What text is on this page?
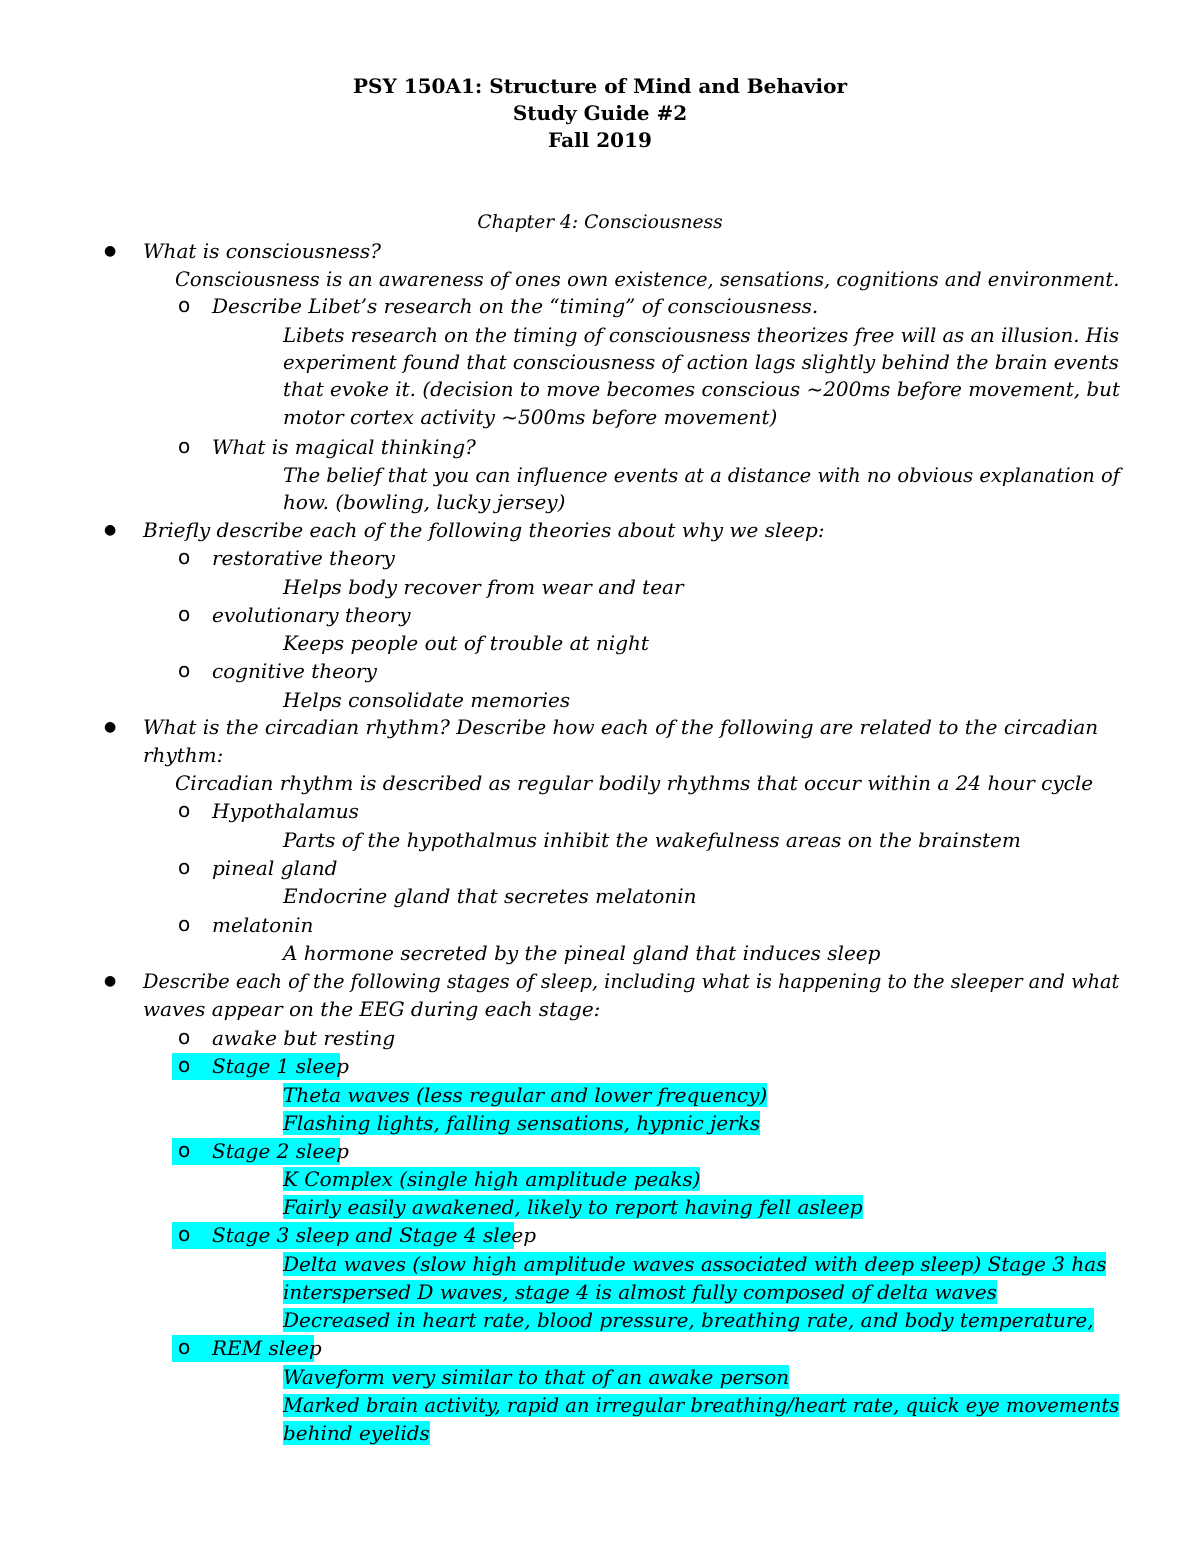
PSY 150A1: Structure of Mind and Behavior
Study Guide #2
Fall 2019
Chapter 4: Consciousness
● What is consciousness?
Consciousness is an awareness of ones own existence, sensations, cognitions and environment.
o Describe Libet’s research on the “timing” of consciousness.
Libets research on the timing of consciousness theorizes free will as an illusion. His
experiment found that consciousness of action lags slightly behind the brain events
that evoke it. (decision to move becomes conscious ~200ms before movement, but
motor cortex activity ~500ms before movement)
o What is magical thinking?
The belief that you can influence events at a distance with no obvious explanation of
how. (bowling, lucky jersey)
● Briefly describe each of the following theories about why we sleep:
o restorative theory
Helps body recover from wear and tear
o evolutionary theory
Keeps people out of trouble at night
o cognitive theory
Helps consolidate memories
● What is the circadian rhythm? Describe how each of the following are related to the circadian
rhythm:
Circadian rhythm is described as regular bodily rhythms that occur within a 24 hour cycle
o Hypothalamus
Parts of the hypothalmus inhibit the wakefulness areas on the brainstem
o pineal gland
Endocrine gland that secretes melatonin
o melatonin
A hormone secreted by the pineal gland that induces sleep
● Describe each of the following stages of sleep, including what is happening to the sleeper and what
waves appear on the EEG during each stage:
o awake but resting
o Stage 1 sleep
Theta waves (less regular and lower frequency)
Flashing lights, falling sensations, hypnic jerks
o Stage 2 sleep
K Complex (single high amplitude peaks)
Fairly easily awakened, likely to report having fell asleep
o Stage 3 sleep and Stage 4 sleep
Delta waves (slow high amplitude waves associated with deep sleep) Stage 3 has
interspersed D waves, stage 4 is almost fully composed of delta waves
Decreased in heart rate, blood pressure, breathing rate, and body temperature,
o REM sleep
Waveform very similar to that of an awake person
Marked brain activity, rapid an irregular breathing/heart rate, quick eye movements
behind eyelids
